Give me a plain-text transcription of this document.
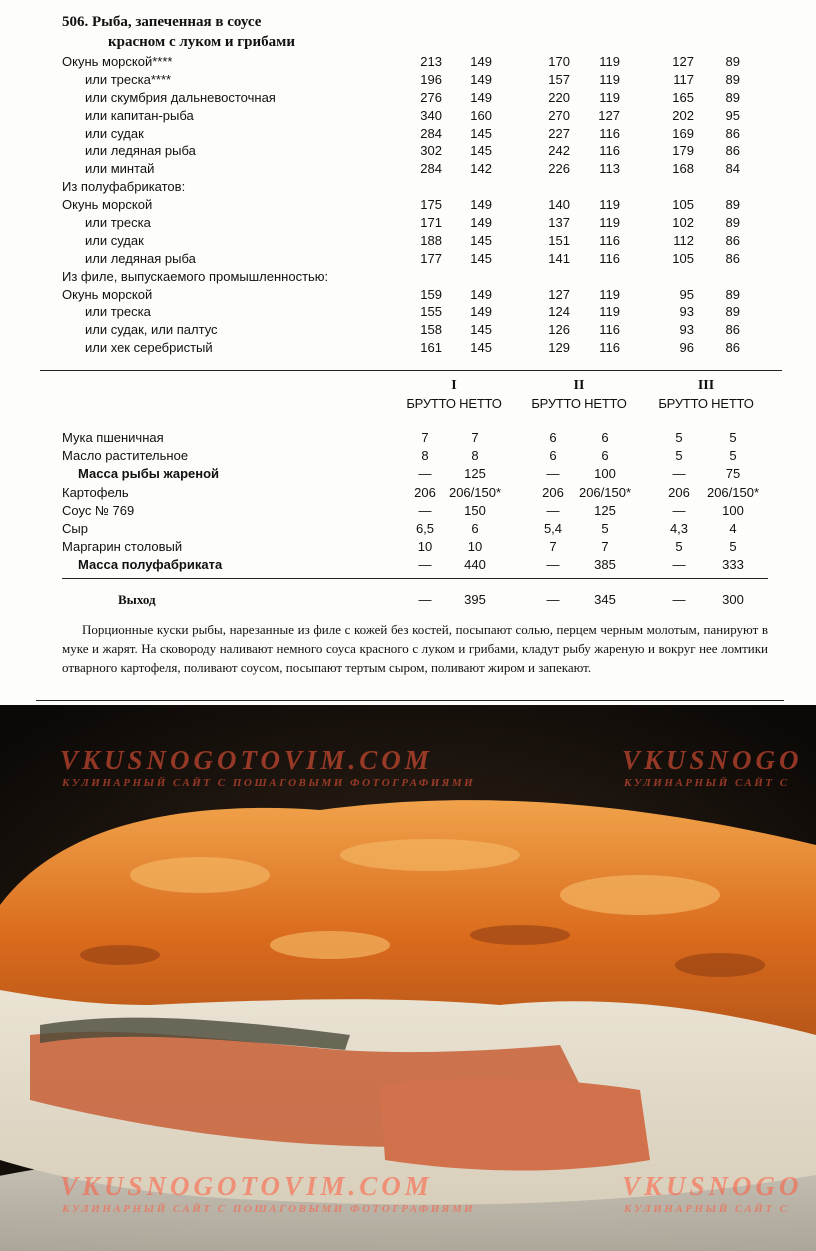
506. Рыба, запеченная в соусе
красном с луком и грибами
Окунь морской****	213	149	170	119	127	89
или треска****	196	149	157	119	117	89
или скумбрия дальневосточная	276	149	220	119	165	89
или капитан-рыба	340	160	270	127	202	95
или судак	284	145	227	116	169	86
или ледяная рыба	302	145	242	116	179	86
или минтай	284	142	226	113	168	84
Из полуфабрикатов:
Окунь морской	175	149	140	119	105	89
или треска	171	149	137	119	102	89
или судак	188	145	151	116	112	86
или ледяная рыба	177	145	141	116	105	86
Из филе, выпускаемого промышленностью:
Окунь морской	159	149	127	119	95	89
или треска	155	149	124	119	93	89
или судак, или палтус	158	145	126	116	93	86
или хек серебристый	161	145	129	116	96	86
I
БРУТТО НЕТТО
II
БРУТТО НЕТТО
III
БРУТТО НЕТТО
Мука пшеничная	7	7	6	6	5	5
Масло растительное	8	8	6	6	5	5
Масса рыбы жареной	—	125	—	100	—	75
Картофель	206	206/150*	206	206/150*	206	206/150*
Соус № 769	—	150	—	125	—	100
Сыр	6,5	6	5,4	5	4,3	4
Маргарин столовый	10	10	7	7	5	5
Масса полуфабриката	—	440	—	385	—	333
Выход	—	395	—	345	—	300
Порционные куски рыбы, нарезанные из филе с кожей без костей, посыпают солью, перцем черным молотым, панируют в муке и жарят. На сковороду наливают немного соуса красного с луком и грибами, кладут рыбу жареную и вокруг нее ломтики отварного картофеля, поливают соусом, посыпают тертым сыром, поливают жиром и запекают.
VKUSNOGOTOVIM.COM
КУЛИНАРНЫЙ САЙТ С ПОШАГОВЫМИ ФОТОГРАФИЯМИ
VKUSNOGO
КУЛИНАРНЫЙ САЙТ С
VKUSNOGOTOVIM.COM
КУЛИНАРНЫЙ САЙТ С ПОШАГОВЫМИ ФОТОГРАФИЯМИ
VKUSNOGO
КУЛИНАРНЫЙ САЙТ С
